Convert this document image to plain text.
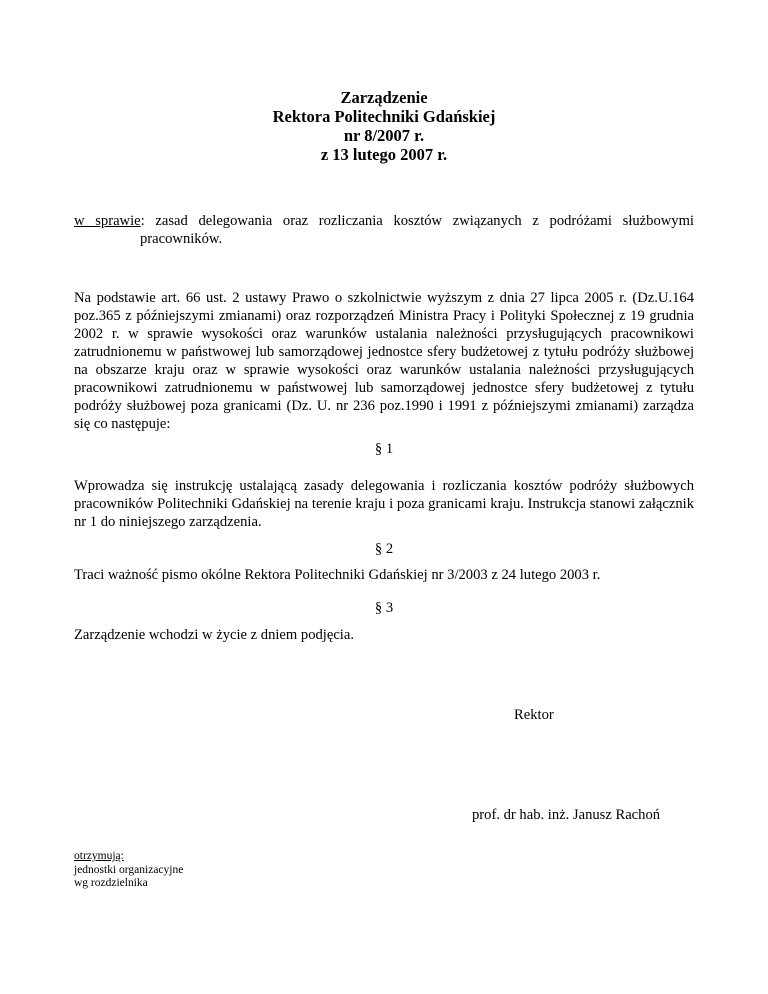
Zarządzenie
Rektora Politechniki Gdańskiej
nr 8/2007 r.
z 13 lutego 2007 r.
w sprawie: zasad delegowania oraz rozliczania kosztów związanych z podróżami służbowymi
pracowników.
Na podstawie art. 66 ust. 2 ustawy Prawo o szkolnictwie wyższym z dnia 27 lipca 2005 r. (Dz.U.164 poz.365 z późniejszymi zmianami) oraz rozporządzeń Ministra Pracy i Polityki Społecznej z 19 grudnia 2002 r. w sprawie wysokości oraz warunków ustalania należności przysługujących pracownikowi zatrudnionemu w państwowej lub samorządowej jednostce sfery budżetowej z tytułu podróży służbowej na obszarze kraju oraz w sprawie wysokości oraz warunków ustalania należności przysługujących pracownikowi zatrudnionemu w państwowej lub samorządowej jednostce sfery budżetowej z tytułu podróży służbowej poza granicami (Dz. U. nr 236 poz.1990 i 1991 z późniejszymi zmianami) zarządza się co następuje:
§ 1
Wprowadza się instrukcję ustalającą zasady delegowania i rozliczania kosztów podróży służbowych pracowników Politechniki Gdańskiej na terenie kraju i poza granicami kraju. Instrukcja stanowi załącznik nr 1 do niniejszego zarządzenia.
§ 2
Traci ważność pismo okólne Rektora Politechniki Gdańskiej nr 3/2003 z 24 lutego 2003 r.
§ 3
Zarządzenie wchodzi w życie z dniem podjęcia.
Rektor
prof. dr hab. inż. Janusz Rachoń
otrzymują:
jednostki organizacyjne
wg rozdzielnika
